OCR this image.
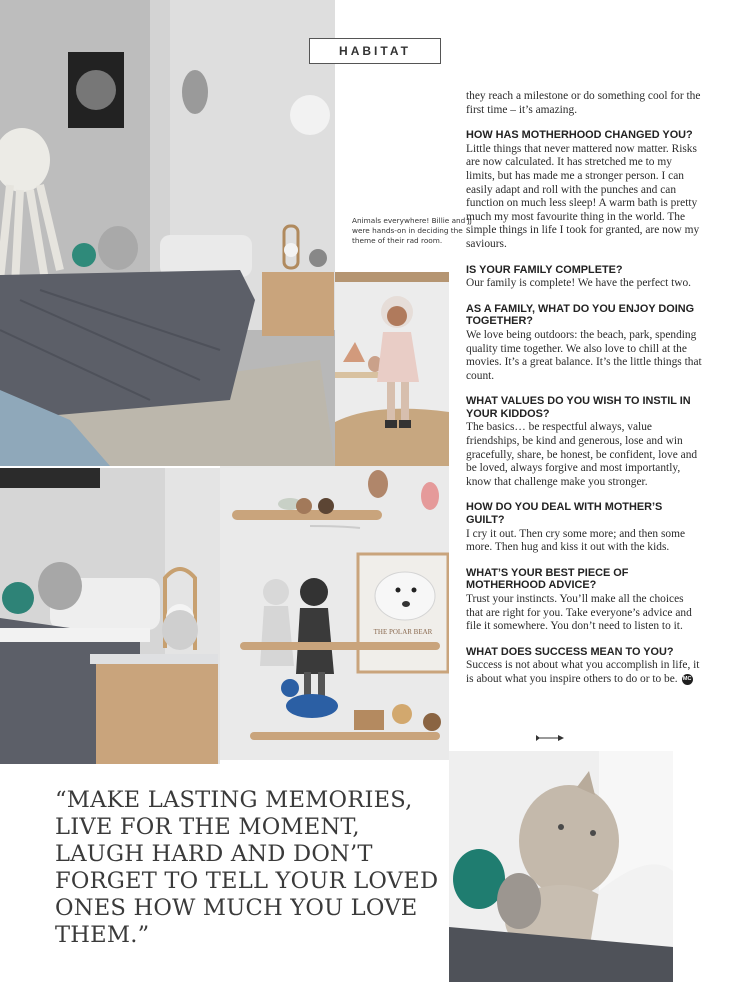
THE POLAR BEAR
HABITAT
Animals everywhere! Billie and JJ were hands-on in deciding the theme of their rad room.

they reach a milestone or do something cool for the first time – it’s amazing.

HOW HAS MOTHERHOOD CHANGED YOU?

Little things that never mattered now matter. Risks are now calculated. It has stretched me to my limits, but has made me a stronger person. I can easily adapt and roll with the punches and can function on much less sleep! A warm bath is pretty much my most favourite thing in the world. The simple things in life I took for granted, are now my saviours.

IS YOUR FAMILY COMPLETE?

Our family is complete! We have the perfect two.

AS A FAMILY, WHAT DO YOU ENJOY DOING TOGETHER?

We love being outdoors: the beach, park, spending quality time together. We also love to chill at the movies. It’s a great balance. It’s the little things that count.

WHAT VALUES DO YOU WISH TO INSTIL IN YOUR KIDDOS?

The basics… be respectful always, value friendships, be kind and generous, lose and win gracefully, share, be honest, be confident, love and be loved, always forgive and most importantly, know that challenge make you stronger.

HOW DO YOU DEAL WITH MOTHER’S GUILT?

I cry it out. Then cry some more; and then some more. Then hug and kiss it out with the kids.

WHAT’S YOUR BEST PIECE OF MOTHERHOOD ADVICE?

Trust your instincts. You’ll make all the choices that are right for you. Take everyone’s advice and file it somewhere. You don’t need to listen to it.

WHAT DOES SUCCESS MEAN TO YOU?

Success is not about what you accomplish in life, it is about what you inspire others to do or to be. MC

“MAKE LASTING MEMORIES, LIVE FOR THE MOMENT, LAUGH HARD AND DON’T FORGET TO TELL YOUR LOVED ONES HOW MUCH YOU LOVE THEM.”
